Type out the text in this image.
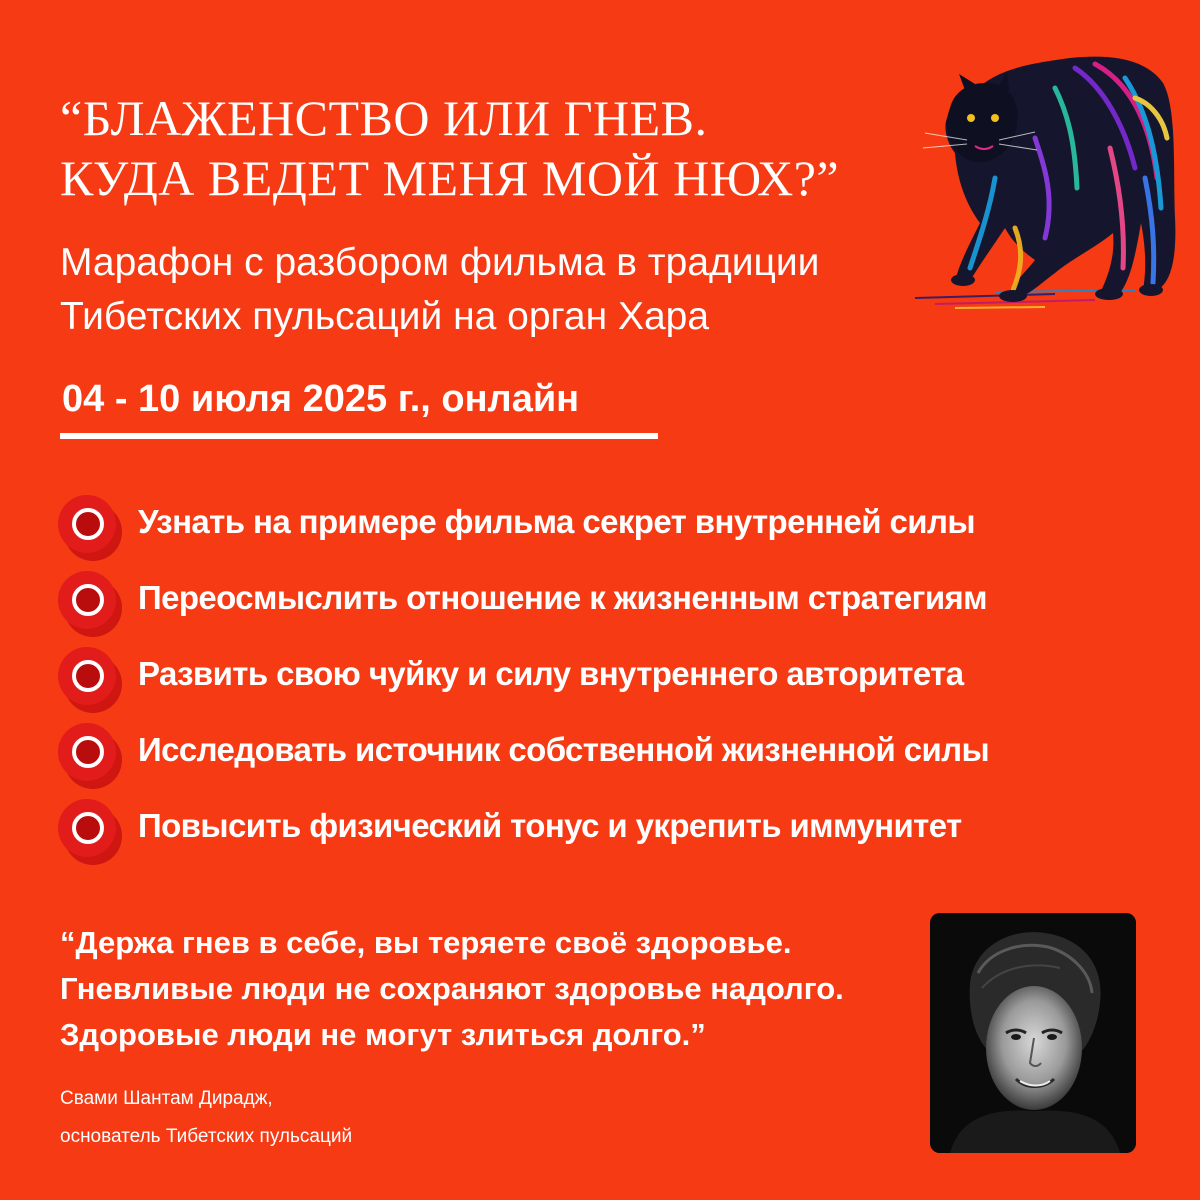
“БЛАЖЕНСТВО ИЛИ ГНЕВ.
КУДА ВЕДЕТ МЕНЯ МОЙ НЮХ?”
Марафон с разбором фильма в традиции
Тибетских пульсаций на орган Хара
04 - 10 июля 2025 г., онлайн
Узнать на примере фильма секрет внутренней силы
Переосмыслить отношение к жизненным стратегиям
Развить свою чуйку и силу внутреннего авторитета
Исследовать источник собственной жизненной силы
Повысить физический тонус и укрепить иммунитет
“Держа гнев в себе, вы теряете своё здоровье.
Гневливые люди не сохраняют здоровье надолго.
Здоровые люди не могут злиться долго.”
Свами Шантам Дирадж,
основатель Тибетских пульсаций
